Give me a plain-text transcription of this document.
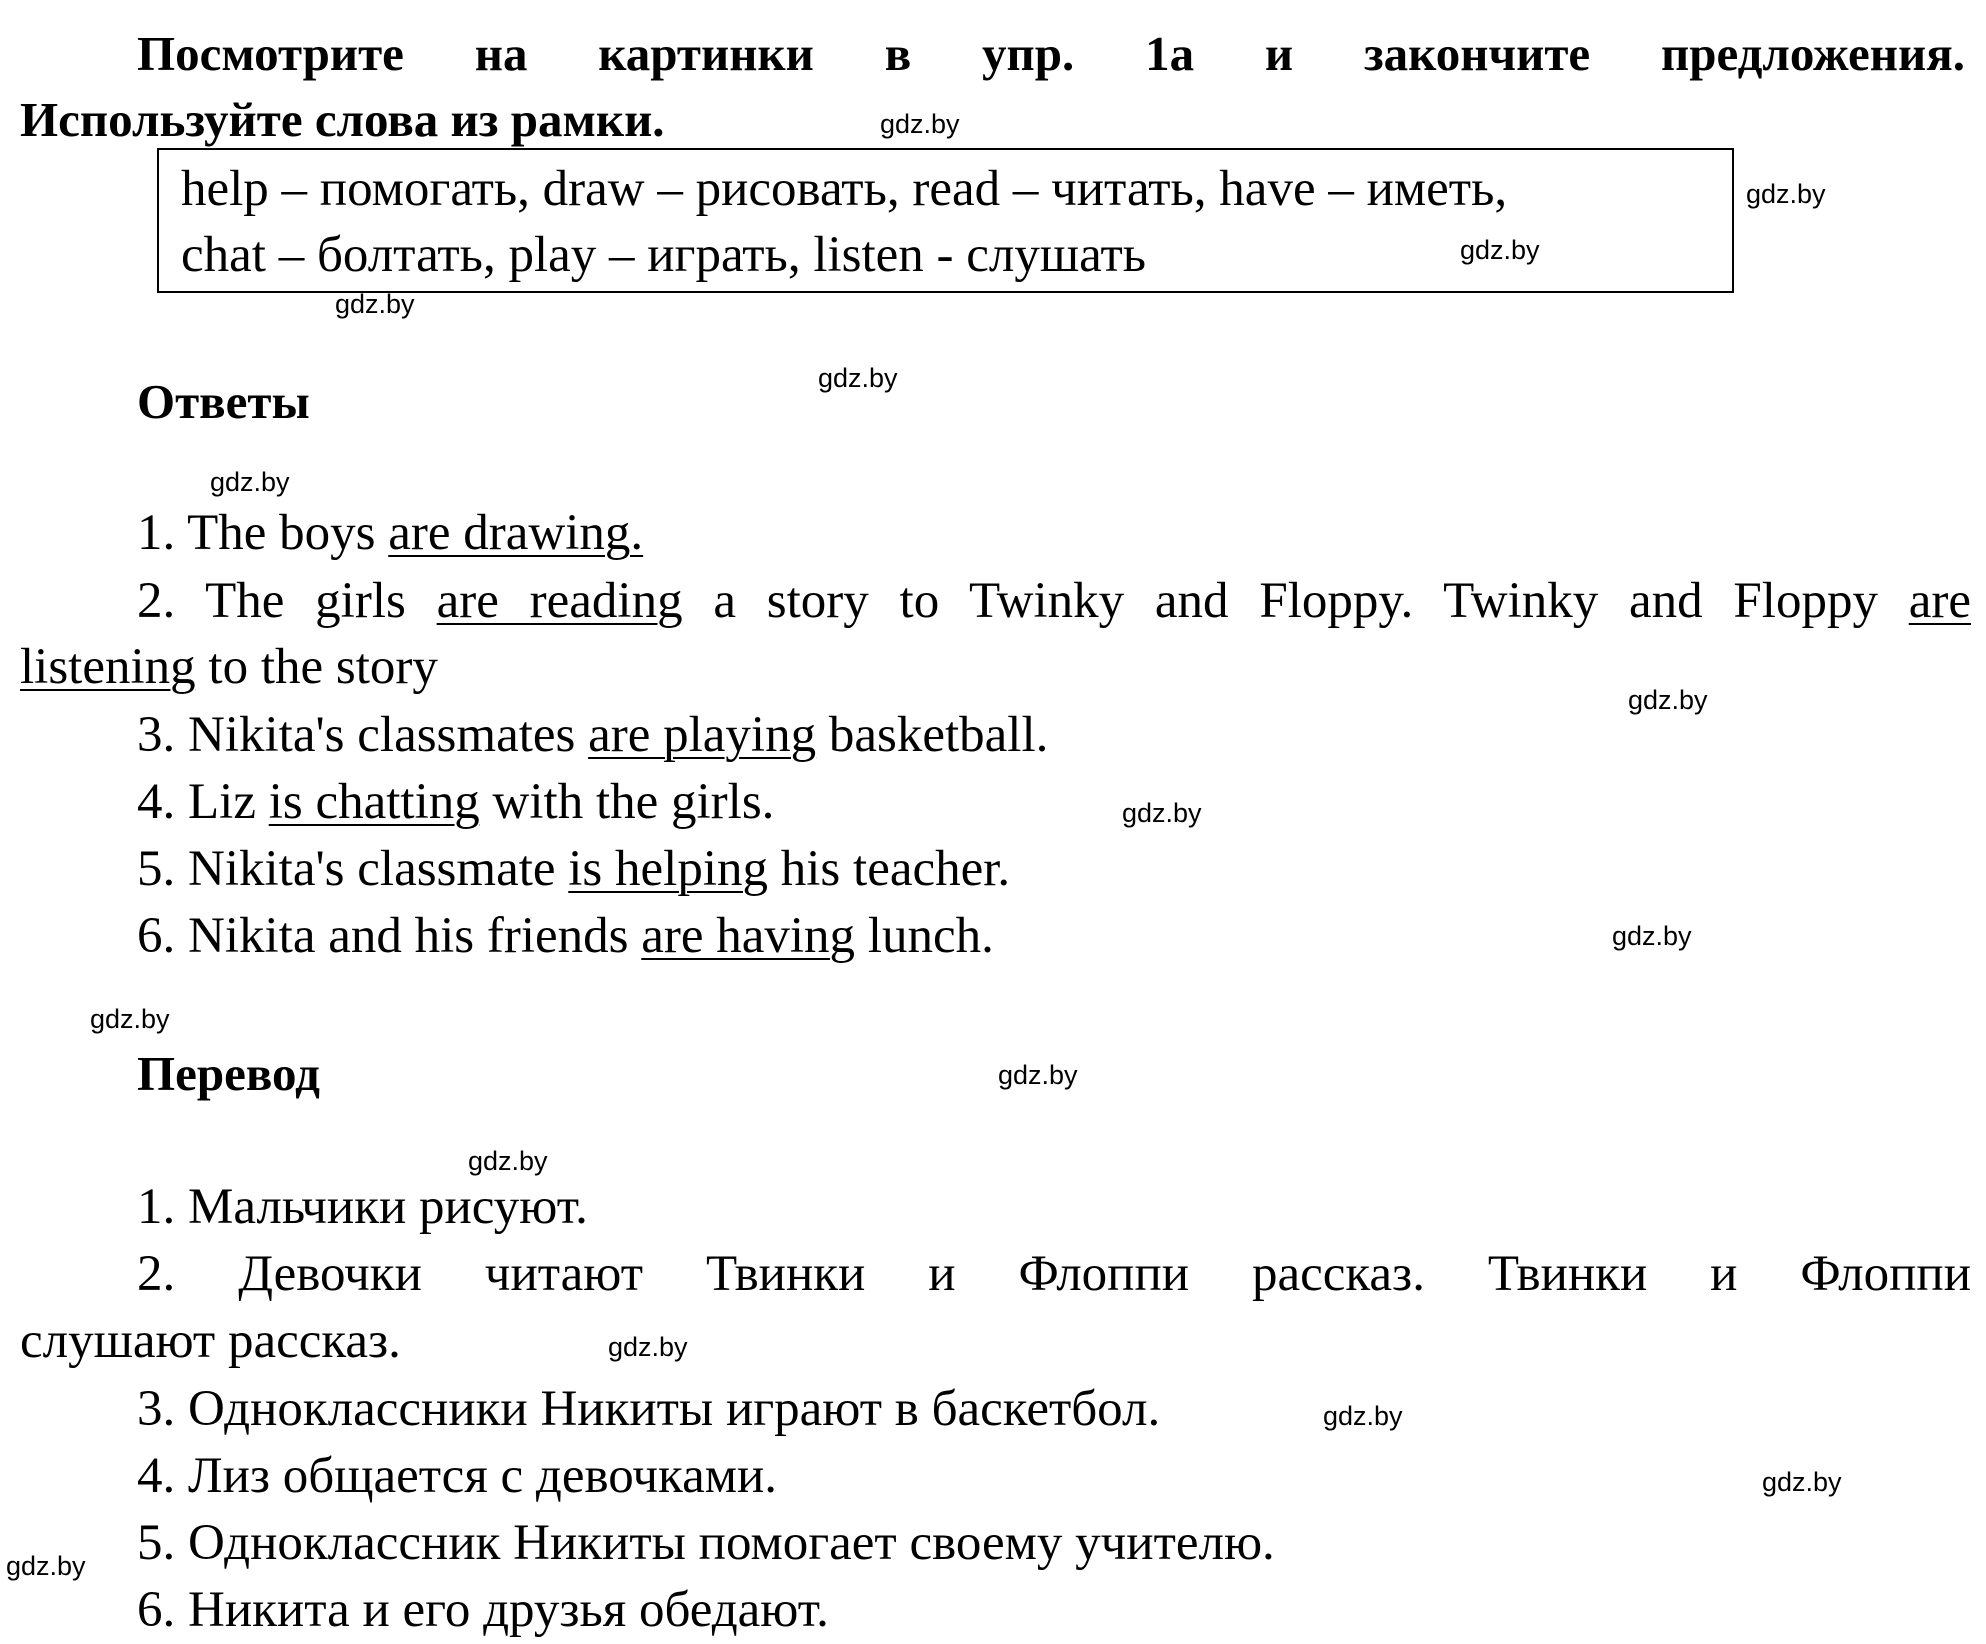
Посмотрите на картинки в упр. 1а и закончите предложения.
Используйте слова из рамки.
help – помогать, draw – рисовать, read – читать, have – иметь,
chat – болтать, play – играть, listen - слушать
Ответы
1. The boys are drawing.
2. The girls are reading a story to Twinky and Floppy. Twinky and Floppy are
listening to the story
3. Nikita's classmates are playing basketball.
4. Liz is chatting with the girls.
5. Nikita's classmate is helping his teacher.
6. Nikita and his friends are having lunch.
Перевод
1. Мальчики рисуют.
2. Девочки читают Твинки и Флоппи рассказ. Твинки и Флоппи
слушают рассказ.
3. Одноклассники Никиты играют в баскетбол.
4. Лиз общается с девочками.
5. Одноклассник Никиты помогает своему учителю.
6. Никита и его друзья обедают.
gdz.by
gdz.by
gdz.by
gdz.by
gdz.by
gdz.by
gdz.by
gdz.by
gdz.by
gdz.by
gdz.by
gdz.by
gdz.by
gdz.by
gdz.by
gdz.by
